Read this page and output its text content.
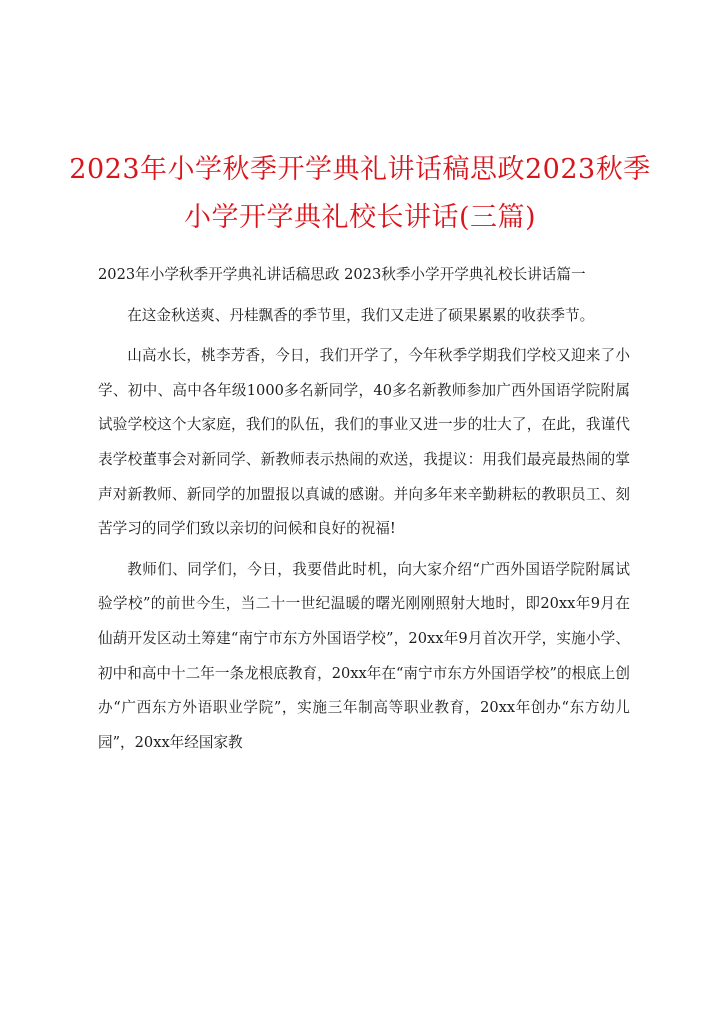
2023年小学秋季开学典礼讲话稿思政2023秋季小学开学典礼校长讲话(三篇)

2023年小学秋季开学典礼讲话稿思政 2023秋季小学开学典礼校长讲话篇一

在这金秋送爽、丹桂飘香的季节里，我们又走进了硕果累累的收获季节。

山高水长，桃李芳香，今日，我们开学了，今年秋季学期我们学校又迎来了小学、初中、高中各年级1000多名新同学，40多名新教师参加广西外国语学院附属试验学校这个大家庭，我们的队伍，我们的事业又进一步的壮大了，在此，我谨代表学校董事会对新同学、新教师表示热闹的欢送，我提议：用我们最亮最热闹的掌声对新教师、新同学的加盟报以真诚的感谢。并向多年来辛勤耕耘的教职员工、刻苦学习的同学们致以亲切的问候和良好的祝福!

教师们、同学们，今日，我要借此时机，向大家介绍“广西外国语学院附属试验学校”的前世今生，当二十一世纪温暖的曙光刚刚照射大地时，即20xx年9月在仙葫开发区动土筹建“南宁市东方外国语学校”，20xx年9月首次开学，实施小学、初中和高中十二年一条龙根底教育，20xx年在“南宁市东方外国语学校”的根底上创办“广西东方外语职业学院”，实施三年制高等职业教育，20xx年创办“东方幼儿园”，20xx年经国家教
